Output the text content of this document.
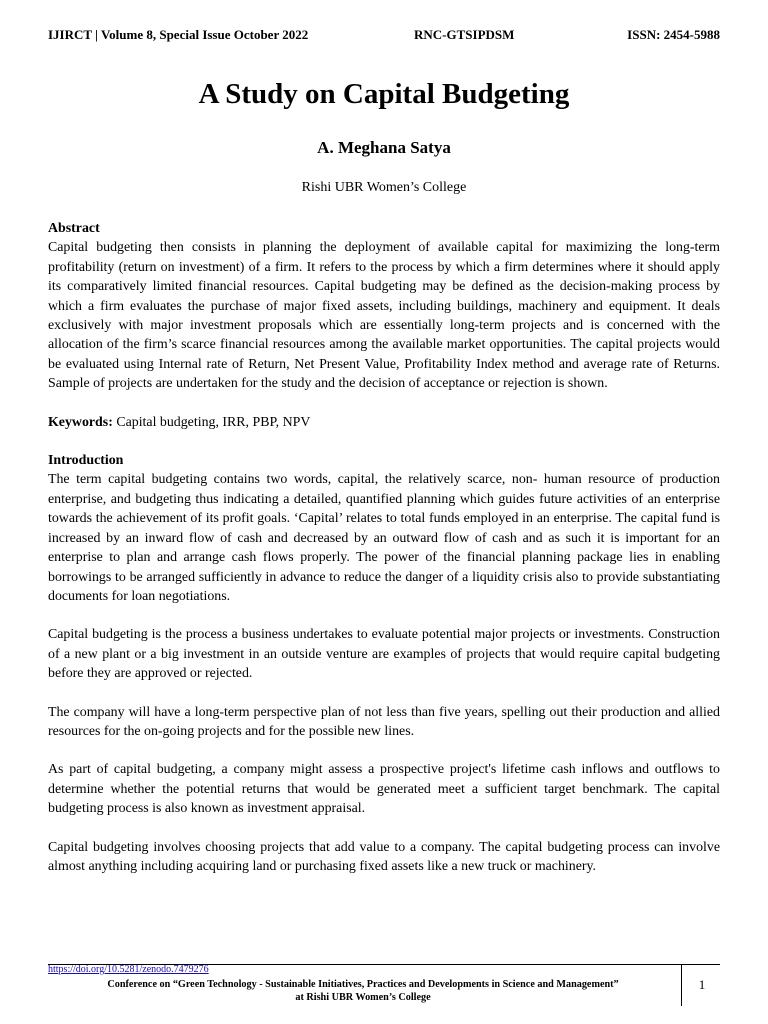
IJIRCT | Volume 8, Special Issue October 2022	RNC-GTSIPDSM	ISSN: 2454-5988
A Study on Capital Budgeting
A. Meghana Satya
Rishi UBR Women’s College
Abstract

Capital budgeting then consists in planning the deployment of available capital for maximizing the long-term profitability (return on investment) of a firm. It refers to the process by which a firm determines where it should apply its comparatively limited financial resources. Capital budgeting may be defined as the decision-making process by which a firm evaluates the purchase of major fixed assets, including buildings, machinery and equipment. It deals exclusively with major investment proposals which are essentially long-term projects and is concerned with the allocation of the firm’s scarce financial resources among the available market opportunities. The capital projects would be evaluated using Internal rate of Return, Net Present Value, Profitability Index method and average rate of Returns. Sample of projects are undertaken for the study and the decision of acceptance or rejection is shown.

Keywords: Capital budgeting, IRR, PBP, NPV

Introduction

The term capital budgeting contains two words, capital, the relatively scarce, non- human resource of production enterprise, and budgeting thus indicating a detailed, quantified planning which guides future activities of an enterprise towards the achievement of its profit goals. ‘Capital’ relates to total funds employed in an enterprise. The capital fund is increased by an inward flow of cash and decreased by an outward flow of cash and as such it is important for an enterprise to plan and arrange cash flows properly. The power of the financial planning package lies in enabling borrowings to be arranged sufficiently in advance to reduce the danger of a liquidity crisis also to provide substantiating documents for loan negotiations.

Capital budgeting is the process a business undertakes to evaluate potential major projects or investments. Construction of a new plant or a big investment in an outside venture are examples of projects that would require capital budgeting before they are approved or rejected.

The company will have a long-term perspective plan of not less than five years, spelling out their production and allied resources for the on-going projects and for the possible new lines.

As part of capital budgeting, a company might assess a prospective project's lifetime cash inflows and outflows to determine whether the potential returns that would be generated meet a sufficient target benchmark. The capital budgeting process is also known as investment appraisal.

Capital budgeting involves choosing projects that add value to a company. The capital budgeting process can involve almost anything including acquiring land or purchasing fixed assets like a new truck or machinery.

https://doi.org/10.5281/zenodo.7479276
Conference on “Green Technology - Sustainable Initiatives, Practices and Developments in Science and Management”
at Rishi UBR Women’s College
1
